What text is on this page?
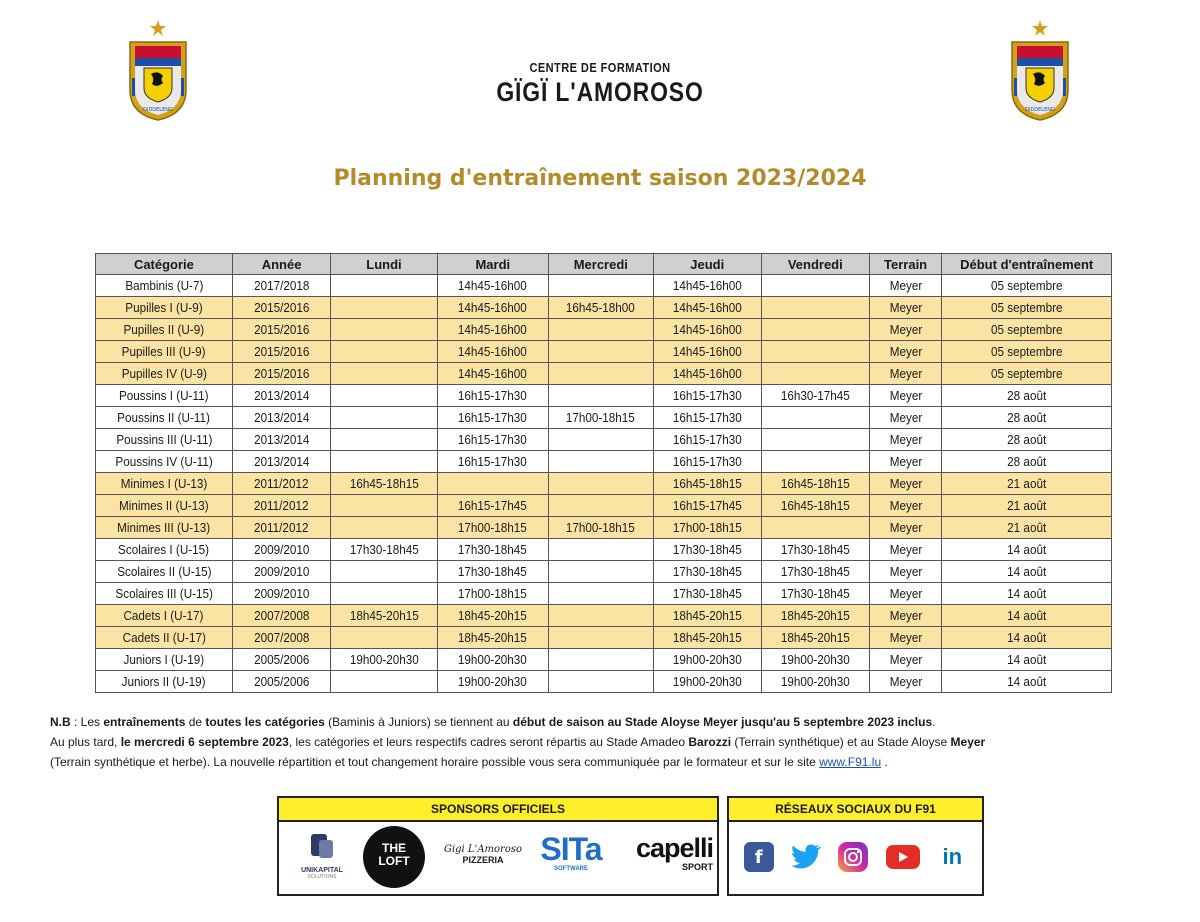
DIDDELENG	DIDDELENG
CENTRE DE FORMATION
GÏGÏ L'AMOROSO
Planning d'entraînement saison 2023/2024
Catégorie	Année	Lundi	Mardi	Mercredi	Jeudi	Vendredi	Terrain	Début d'entraînement
Bambinis (U-7)	2017/2018		14h45-16h00		14h45-16h00		Meyer	05 septembre
Pupilles I (U-9)	2015/2016		14h45-16h00	16h45-18h00	14h45-16h00		Meyer	05 septembre
Pupilles II (U-9)	2015/2016		14h45-16h00		14h45-16h00		Meyer	05 septembre
Pupilles III (U-9)	2015/2016		14h45-16h00		14h45-16h00		Meyer	05 septembre
Pupilles IV (U-9)	2015/2016		14h45-16h00		14h45-16h00		Meyer	05 septembre
Poussins I (U-11)	2013/2014		16h15-17h30		16h15-17h30	16h30-17h45	Meyer	28 août
Poussins II (U-11)	2013/2014		16h15-17h30	17h00-18h15	16h15-17h30		Meyer	28 août
Poussins III (U-11)	2013/2014		16h15-17h30		16h15-17h30		Meyer	28 août
Poussins IV (U-11)	2013/2014		16h15-17h30		16h15-17h30		Meyer	28 août
Minimes I (U-13)	2011/2012	16h45-18h15			16h45-18h15	16h45-18h15	Meyer	21 août
Minimes II (U-13)	2011/2012		16h15-17h45		16h15-17h45	16h45-18h15	Meyer	21 août
Minimes III (U-13)	2011/2012		17h00-18h15	17h00-18h15	17h00-18h15		Meyer	21 août
Scolaires I (U-15)	2009/2010	17h30-18h45	17h30-18h45		17h30-18h45	17h30-18h45	Meyer	14 août
Scolaires II (U-15)	2009/2010		17h30-18h45		17h30-18h45	17h30-18h45	Meyer	14 août
Scolaires III (U-15)	2009/2010		17h00-18h15		17h30-18h45	17h30-18h45	Meyer	14 août
Cadets I (U-17)	2007/2008	18h45-20h15	18h45-20h15		18h45-20h15	18h45-20h15	Meyer	14 août
Cadets II (U-17)	2007/2008		18h45-20h15		18h45-20h15	18h45-20h15	Meyer	14 août
Juniors I (U-19)	2005/2006	19h00-20h30	19h00-20h30		19h00-20h30	19h00-20h30	Meyer	14 août
Juniors II (U-19)	2005/2006		19h00-20h30		19h00-20h30	19h00-20h30	Meyer	14 août

N.B : Les entraînements de toutes les catégories (Baminis à Juniors) se tiennent au début de saison au Stade Aloyse Meyer jusqu'au 5 septembre 2023 inclus.

Au plus tard, le mercredi 6 septembre 2023, les catégories et leurs respectifs cadres seront répartis au Stade Amadeo Barozzi (Terrain synthétique) et au Stade Aloyse Meyer

(Terrain synthétique et herbe). La nouvelle répartition et tout changement horaire possible vous sera communiquée par le formateur et sur le site www.F91.lu .

SPONSORS OFFICIELS
UNIKAPITAL
SOLUTIONS
THE
LOFT
Gigi L'Amoroso
PIZZERIA	SITa
SOFTWARE
capelli
SPORT
RÉSEAUX SOCIAUX DU F91
f	in
